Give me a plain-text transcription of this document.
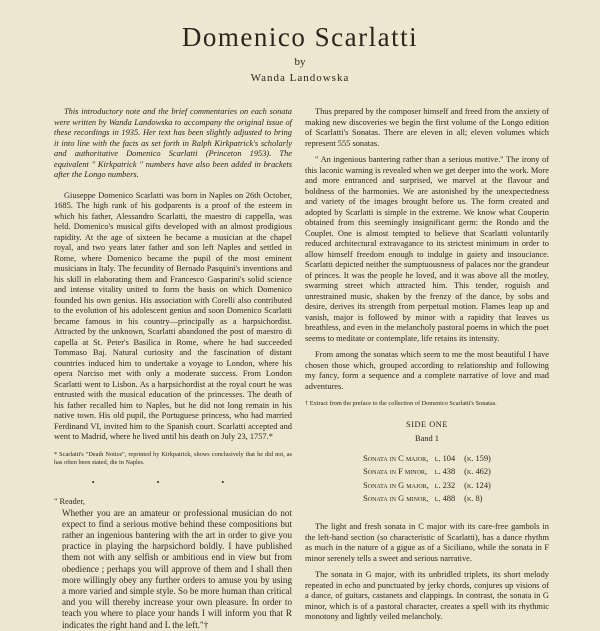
Domenico Scarlatti
by
Wanda Landowska

This introductory note and the brief commentaries on each sonata were written by Wanda Landowska to accompany the original issue of these recordings in 1935. Her text has been slightly adjusted to bring it into line with the facts as set forth in Ralph Kirkpatrick's scholarly and authoritative Domenico Scarlatti (Princeton 1953). The equivalent " Kirkpatrick " numbers have also been added in brackets after the Longo numbers.

Giuseppe Domenico Scarlatti was born in Naples on 26th October, 1685. The high rank of his godparents is a proof of the esteem in which his father, Alessandro Scarlatti, the maestro di cappella, was held. Domenico's musical gifts developed with an almost prodigious rapidity. At the age of sixteen he became a musician at the chapel royal, and two years later father and son left Naples and settled in Rome, where Domenico became the pupil of the most eminent musicians in Italy. The fecundity of Bernado Pasquini's inventions and his skill in elaborating them and Francesco Gasparini's solid science and intense vitality united to form the basis on which Domenico founded his own genius. His association with Corelli also contributed to the evolution of his adolescent genius and soon Domenico Scarlatti became famous in his country—principally as a harpsichordist. Attracted by the unknown, Scarlatti abandoned the post of maestro di capella at St. Peter's Basilica in Rome, where he had succeeded Tommaso Baj. Natural curiosity and the fascination of distant countries induced him to undertake a voyage to London, where his opera Narciso met with only a moderate success. From London Scarlatti went to Lisbon. As a harpsichordist at the royal court he was entrusted with the musical education of the princesses. The death of his father recalled him to Naples, but he did not long remain in his native town. His old pupil, the Portuguese princess, who had married Ferdinand VI, invited him to the Spanish court. Scarlatti accepted and went to Madrid, where he lived until his death on July 23, 1757.*

* Scarlatti's "Death Notice", reprinted by Kirkpatrick, shows conclusively that he did not, as has often been stated, die in Naples.

• • •

" Reader,

Whether you are an amateur or professional musician do not expect to find a serious motive behind these compositions but rather an ingenious bantering with the art in order to give you practice in playing the harpsichord boldly. I have published them not with any selfish or ambitious end in view but from obedience ; perhaps you will approve of them and I shall then more willingly obey any further orders to amuse you by using a more varied and simple style. So be more human than critical and you will thereby increase your own pleasure. In order to teach you where to place your hands I will inform you that R indicates the right hand and L the left."†

Thus prepared by the composer himself and freed from the anxiety of making new discoveries we begin the first volume of the Longo edition of Scarlatti's Sonatas. There are eleven in all; eleven volumes which represent 555 sonatas.

" An ingenious bantering rather than a serious motive." The irony of this laconic warning is revealed when we get deeper into the work. More and more entranced and surprised, we marvel at the flavour and boldness of the harmonies. We are astonished by the unexpectedness and variety of the images brought before us. The form created and adopted by Scarlatti is simple in the extreme. We know what Couperin obtained from this seemingly insignificant germ: the Rondo and the Couplet. One is almost tempted to believe that Scarlatti voluntarily reduced architectural extravagance to its strictest minimum in order to allow himself freedom enough to indulge in gaiety and insouciance. Scarlatti depicted neither the sumptuousness of palaces nor the grandeur of princes. It was the people he loved, and it was above all the motley, swarming street which attracted him. This tender, roguish and unrestrained music, shaken by the frenzy of the dance, by sobs and desire, derives its strength from perpetual motion. Flames leap up and vanish, major is followed by minor with a rapidity that leaves us breathless, and even in the melancholy pastoral poems in which the poet seems to meditate or contemplate, life retains its intensity.

From among the sonatas which seem to me the most beautiful I have chosen those which, grouped according to relationship and following my fancy, form a sequence and a complete narrative of love and mad adventures.

† Extract from the preface to the collection of Domenico Scarlatti's Sonatas.

SIDE ONE
Band 1
Sonata in C major,	l. 104	(k. 159)
Sonata in F minor,	l. 438	(k. 462)
Sonata in G major,	l. 232	(k. 124)
Sonata in G minor,	l. 488	(k. 8)

The light and fresh sonata in C major with its care-free gambols in the left-hand section (so characteristic of Scarlatti), has a dance rhythm as much in the nature of a gigue as of a Siciliano, while the sonata in F minor serenely tells a sweet and serious narrative.

The sonata in G major, with its unbridled triplets, its short melody repeated in echo and punctuated by jerky chords, conjures up visions of a dance, of guitars, castanets and clappings. In contrast, the sonata in G minor, which is of a pastoral character, creates a spell with its rhythmic monotony and lightly veiled melancholy.
